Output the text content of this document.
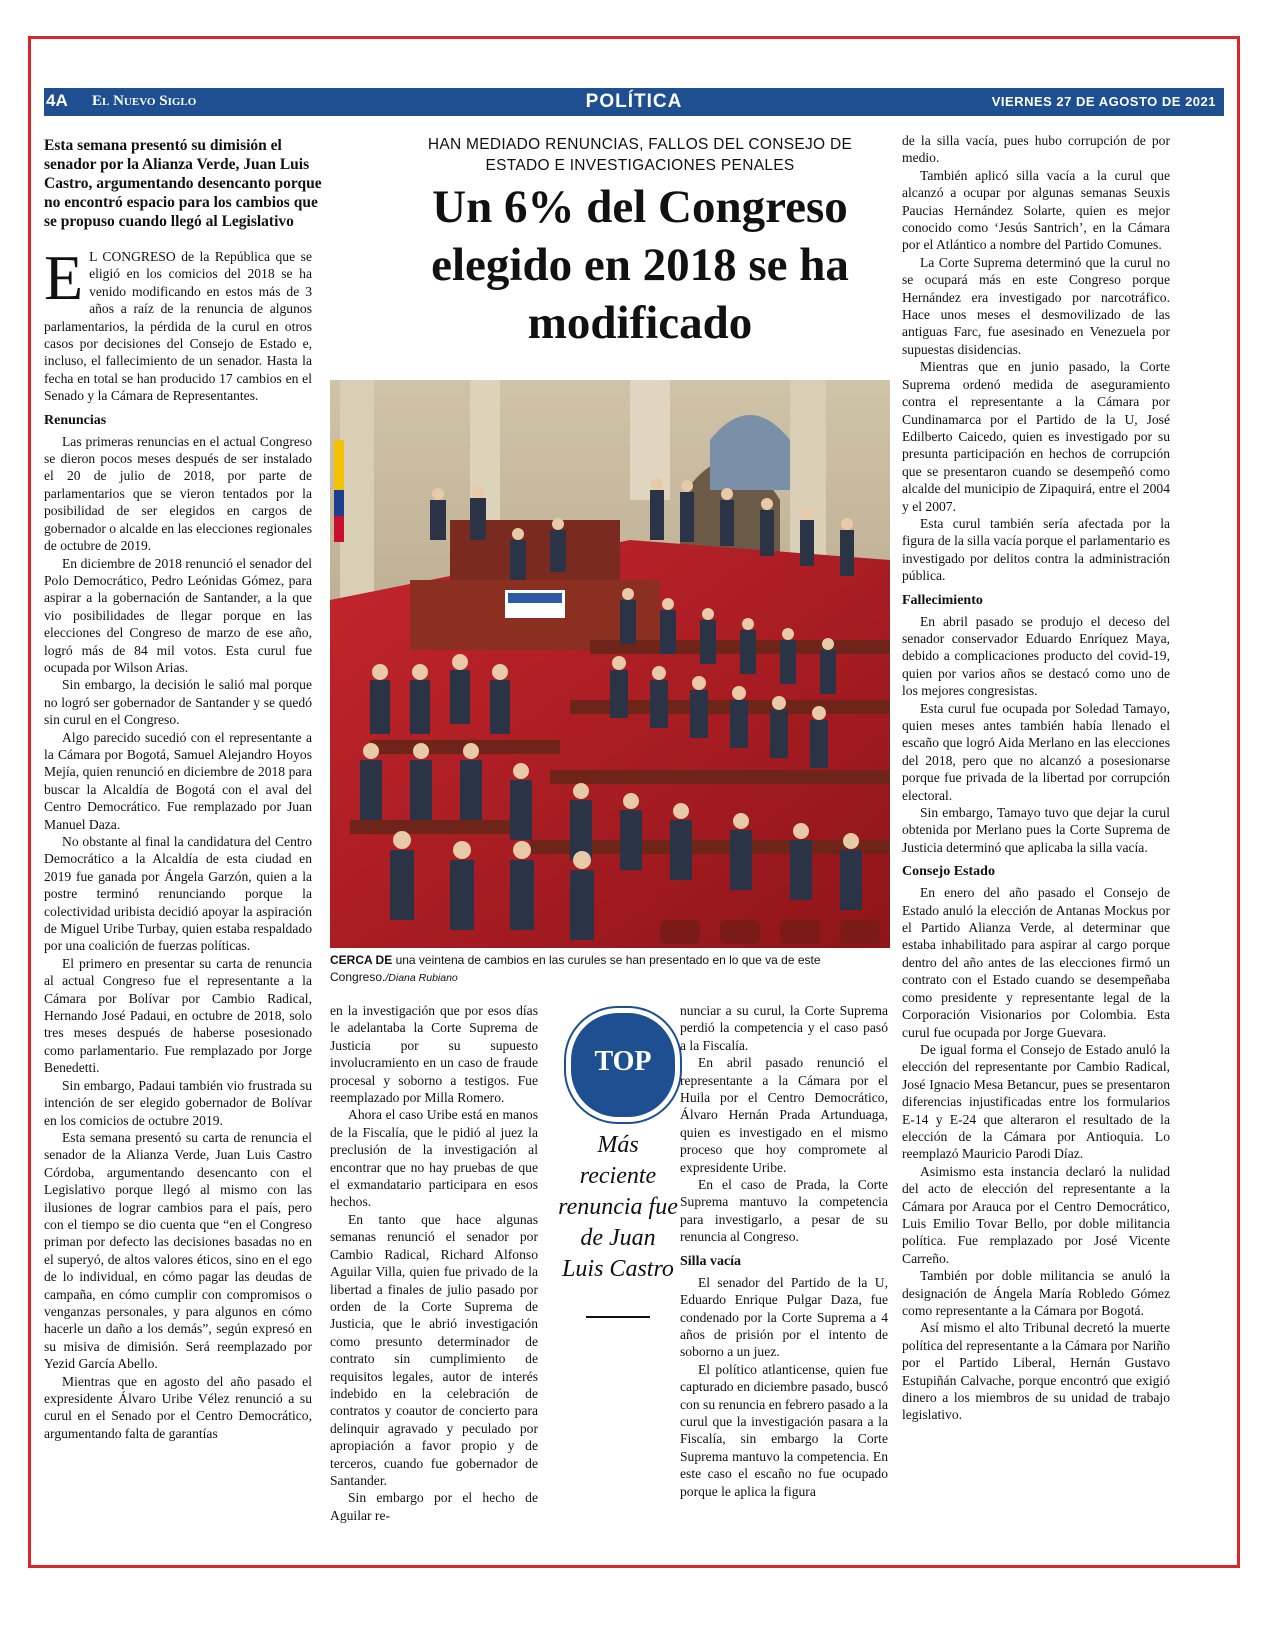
4A El Nuevo Siglo	POLÍTICA	VIERNES 27 DE AGOSTO DE 2021
Esta semana presentó su dimisión el senador por la Alianza Verde, Juan Luis Castro, argumentando desencanto porque no encontró espacio para los cambios que se propuso cuando llegó al Legislativo

E L CONGRESO de la República que se eligió en los comicios del 2018 se ha venido modificando en estos más de 3 años a raíz de la renuncia de algunos parlamentarios, la pérdida de la curul en otros casos por decisiones del Consejo de Estado e, incluso, el fallecimiento de un senador. Hasta la fecha en total se han producido 17 cambios en el Senado y la Cámara de Representantes.

Renuncias

Las primeras renuncias en el actual Congreso se dieron pocos meses después de ser instalado el 20 de julio de 2018, por parte de parlamentarios que se vieron tentados por la posibilidad de ser elegidos en cargos de gobernador o alcalde en las elecciones regionales de octubre de 2019.

En diciembre de 2018 renunció el senador del Polo Democrático, Pedro Leónidas Gómez, para aspirar a la gobernación de Santander, a la que vio posibilidades de llegar porque en las elecciones del Congreso de marzo de ese año, logró más de 84 mil votos. Esta curul fue ocupada por Wilson Arias.

Sin embargo, la decisión le salió mal porque no logró ser gobernador de Santander y se quedó sin curul en el Congreso.

Algo parecido sucedió con el representante a la Cámara por Bogotá, Samuel Alejandro Hoyos Mejía, quien renunció en diciembre de 2018 para buscar la Alcaldía de Bogotá con el aval del Centro Democrático. Fue remplazado por Juan Manuel Daza.

No obstante al final la candidatura del Centro Democrático a la Alcaldía de esta ciudad en 2019 fue ganada por Ángela Garzón, quien a la postre terminó renunciando porque la colectividad uribista decidió apoyar la aspiración de Miguel Uribe Turbay, quien estaba respaldado por una coalición de fuerzas políticas.

El primero en presentar su carta de renuncia al actual Congreso fue el representante a la Cámara por Bolívar por Cambio Radical, Hernando José Padaui, en octubre de 2018, solo tres meses después de haberse posesionado como parlamentario. Fue remplazado por Jorge Benedetti.

Sin embargo, Padaui también vio frustrada su intención de ser elegido gobernador de Bolívar en los comicios de octubre 2019.

Esta semana presentó su carta de renuncia el senador de la Alianza Verde, Juan Luis Castro Córdoba, argumentando desencanto con el Legislativo porque llegó al mismo con las ilusiones de lograr cambios para el país, pero con el tiempo se dio cuenta que “en el Congreso priman por defecto las decisiones basadas no en el superyó, de altos valores éticos, sino en el ego de lo individual, en cómo pagar las deudas de campaña, en cómo cumplir con compromisos o venganzas personales, y para algunos en cómo hacerle un daño a los demás”, según expresó en su misiva de dimisión. Será reemplazado por Yezid García Abello.

Mientras que en agosto del año pasado el expresidente Álvaro Uribe Vélez renunció a su curul en el Senado por el Centro Democrático, argumentando falta de garantías

HAN MEDIADO RENUNCIAS, FALLOS DEL CONSEJO DE ESTADO E INVESTIGACIONES PENALES
Un 6% del Congreso elegido en 2018 se ha modificado
CERCA DE una veintena de cambios en las curules se han presentado en lo que va de este Congreso./Diana Rubiano

en la investigación que por esos días le adelantaba la Corte Suprema de Justicia por su supuesto involucramiento en un caso de fraude procesal y soborno a testigos. Fue reemplazado por Milla Romero.

Ahora el caso Uribe está en manos de la Fiscalía, que le pidió al juez la preclusión de la investigación al encontrar que no hay pruebas de que el exmandatario participara en esos hechos.

En tanto que hace algunas semanas renunció el senador por Cambio Radical, Richard Alfonso Aguilar Villa, quien fue privado de la libertad a finales de julio pasado por orden de la Corte Suprema de Justicia, que le abrió investigación como presunto determinador de contrato sin cumplimiento de requisitos legales, autor de interés indebido en la celebración de contratos y coautor de concierto para delinquir agravado y peculado por apropiación a favor propio y de terceros, cuando fue gobernador de Santander.

Sin embargo por el hecho de Aguilar re-

TOP
Más reciente renuncia fue de Juan Luis Castro

nunciar a su curul, la Corte Suprema perdió la competencia y el caso pasó a la Fiscalía.

En abril pasado renunció el representante a la Cámara por el Huila por el Centro Democrático, Álvaro Hernán Prada Artunduaga, quien es investigado en el mismo proceso que hoy compromete al expresidente Uribe.

En el caso de Prada, la Corte Suprema mantuvo la competencia para investigarlo, a pesar de su renuncia al Congreso.

Silla vacía

El senador del Partido de la U, Eduardo Enrique Pulgar Daza, fue condenado por la Corte Suprema a 4 años de prisión por el intento de soborno a un juez.

El político atlanticense, quien fue capturado en diciembre pasado, buscó con su renuncia en febrero pasado a la curul que la investigación pasara a la Fiscalía, sin embargo la Corte Suprema mantuvo la competencia. En este caso el escaño no fue ocupado porque le aplica la figura

de la silla vacía, pues hubo corrupción de por medio.

También aplicó silla vacía a la curul que alcanzó a ocupar por algunas semanas Seuxis Paucias Hernández Solarte, quien es mejor conocido como ‘Jesús Santrich’, en la Cámara por el Atlántico a nombre del Partido Comunes.

La Corte Suprema determinó que la curul no se ocupará más en este Congreso porque Hernández era investigado por narcotráfico. Hace unos meses el desmovilizado de las antiguas Farc, fue asesinado en Venezuela por supuestas disidencias.

Mientras que en junio pasado, la Corte Suprema ordenó medida de aseguramiento contra el representante a la Cámara por Cundinamarca por el Partido de la U, José Edilberto Caicedo, quien es investigado por su presunta participación en hechos de corrupción que se presentaron cuando se desempeñó como alcalde del municipio de Zipaquirá, entre el 2004 y el 2007.

Esta curul también sería afectada por la figura de la silla vacía porque el parlamentario es investigado por delitos contra la administración pública.

Fallecimiento

En abril pasado se produjo el deceso del senador conservador Eduardo Enríquez Maya, debido a complicaciones producto del covid-19, quien por varios años se destacó como uno de los mejores congresistas.

Esta curul fue ocupada por Soledad Tamayo, quien meses antes también había llenado el escaño que logró Aida Merlano en las elecciones del 2018, pero que no alcanzó a posesionarse porque fue privada de la libertad por corrupción electoral.

Sin embargo, Tamayo tuvo que dejar la curul obtenida por Merlano pues la Corte Suprema de Justicia determinó que aplicaba la silla vacía.

Consejo Estado

En enero del año pasado el Consejo de Estado anuló la elección de Antanas Mockus por el Partido Alianza Verde, al determinar que estaba inhabilitado para aspirar al cargo porque dentro del año antes de las elecciones firmó un contrato con el Estado cuando se desempeñaba como presidente y representante legal de la Corporación Visionarios por Colombia. Esta curul fue ocupada por Jorge Guevara.

De igual forma el Consejo de Estado anuló la elección del representante por Cambio Radical, José Ignacio Mesa Betancur, pues se presentaron diferencias injustificadas entre los formularios E-14 y E-24 que alteraron el resultado de la elección de la Cámara por Antioquia. Lo reemplazó Mauricio Parodi Díaz.

Asimismo esta instancia declaró la nulidad del acto de elección del representante a la Cámara por Arauca por el Centro Democrático, Luis Emilio Tovar Bello, por doble militancia política. Fue remplazado por José Vicente Carreño.

También por doble militancia se anuló la designación de Ángela María Robledo Gómez como representante a la Cámara por Bogotá.

Así mismo el alto Tribunal decretó la muerte política del representante a la Cámara por Nariño por el Partido Liberal, Hernán Gustavo Estupiñán Calvache, porque encontró que exigió dinero a los miembros de su unidad de trabajo legislativo.
